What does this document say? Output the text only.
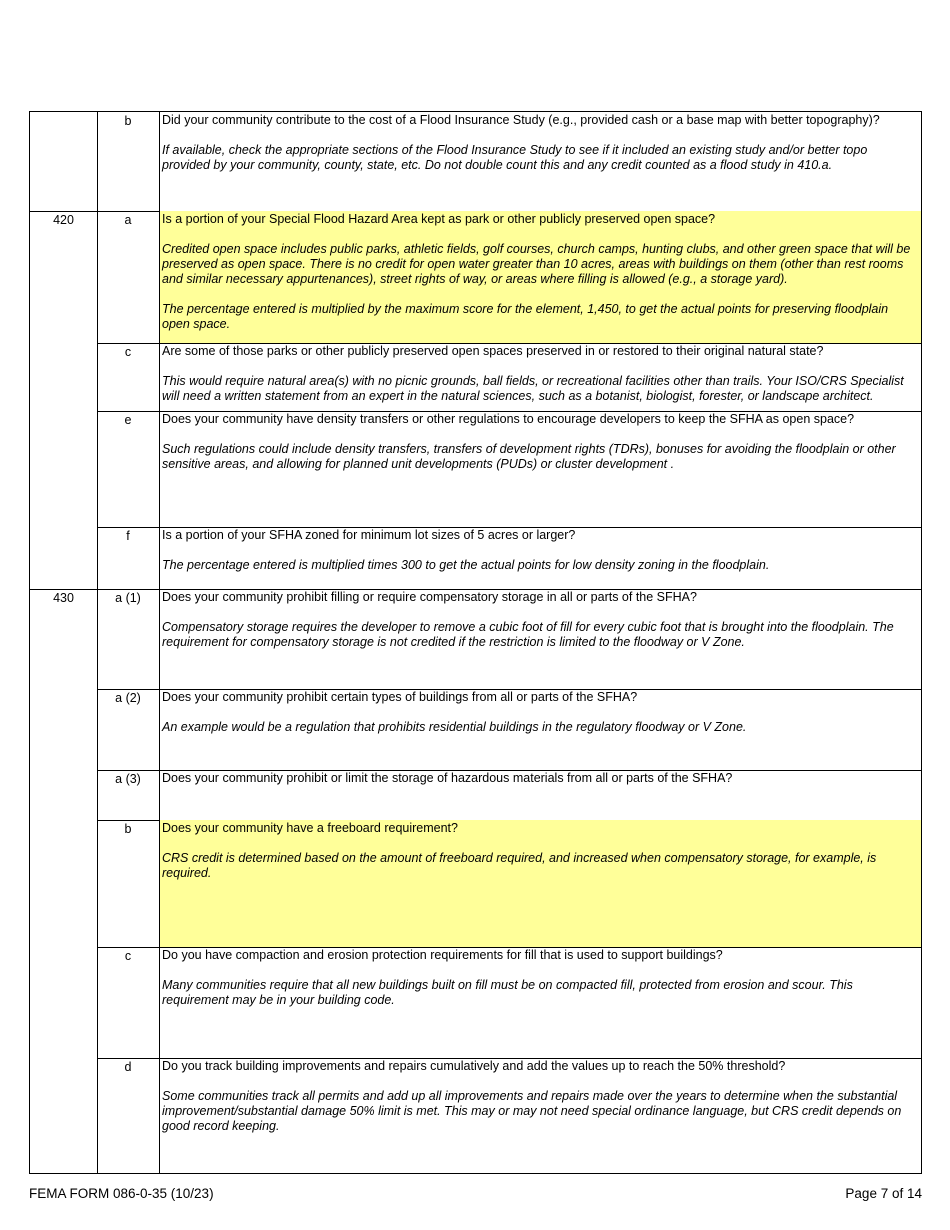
b	Did your community contribute to the cost of a Flood Insurance Study (e.g., provided cash or a base map with better topography)?

If available, check the appropriate sections of the Flood Insurance Study to see if it included an existing study and/or better topo provided by your community, county, state, etc. Do not double count this and any credit counted as a flood study in 410.a.

420	a	Is a portion of your Special Flood Hazard Area kept as park or other publicly preserved open space?

Credited open space includes public parks, athletic fields, golf courses, church camps, hunting clubs, and other green space that will be preserved as open space. There is no credit for open water greater than 10 acres, areas with buildings on them (other than rest rooms and similar necessary appurtenances), street rights of way, or areas where filling is allowed (e.g., a storage yard).

The percentage entered is multiplied by the maximum score for the element, 1,450, to get the actual points for preserving floodplain open space.

c	Are some of those parks or other publicly preserved open spaces preserved in or restored to their original natural state?

This would require natural area(s) with no picnic grounds, ball fields, or recreational facilities other than trails. Your ISO/CRS Specialist will need a written statement from an expert in the natural sciences, such as a botanist, biologist, forester, or landscape architect.

e	Does your community have density transfers or other regulations to encourage developers to keep the SFHA as open space?

Such regulations could include density transfers, transfers of development rights (TDRs), bonuses for avoiding the floodplain or other sensitive areas, and allowing for planned unit developments (PUDs) or cluster development .

f	Is a portion of your SFHA zoned for minimum lot sizes of 5 acres or larger?

The percentage entered is multiplied times 300 to get the actual points for low density zoning in the floodplain.

430	a (1)	Does your community prohibit filling or require compensatory storage in all or parts of the SFHA?

Compensatory storage requires the developer to remove a cubic foot of fill for every cubic foot that is brought into the floodplain. The requirement for compensatory storage is not credited if the restriction is limited to the floodway or V Zone.

a (2)	Does your community prohibit certain types of buildings from all or parts of the SFHA?

An example would be a regulation that prohibits residential buildings in the regulatory floodway or V Zone.

a (3)	Does your community prohibit or limit the storage of hazardous materials from all or parts of the SFHA?

b	Does your community have a freeboard requirement?

CRS credit is determined based on the amount of freeboard required, and increased when compensatory storage, for example, is required.

c	Do you have compaction and erosion protection requirements for fill that is used to support buildings?

Many communities require that all new buildings built on fill must be on compacted fill, protected from erosion and scour. This requirement may be in your building code.

d	Do you track building improvements and repairs cumulatively and add the values up to reach the 50% threshold?

Some communities track all permits and add up all improvements and repairs made over the years to determine when the substantial improvement/substantial damage 50% limit is met. This may or may not need special ordinance language, but CRS credit depends on good record keeping.

FEMA FORM 086-0-35 (10/23)	Page 7 of 14
